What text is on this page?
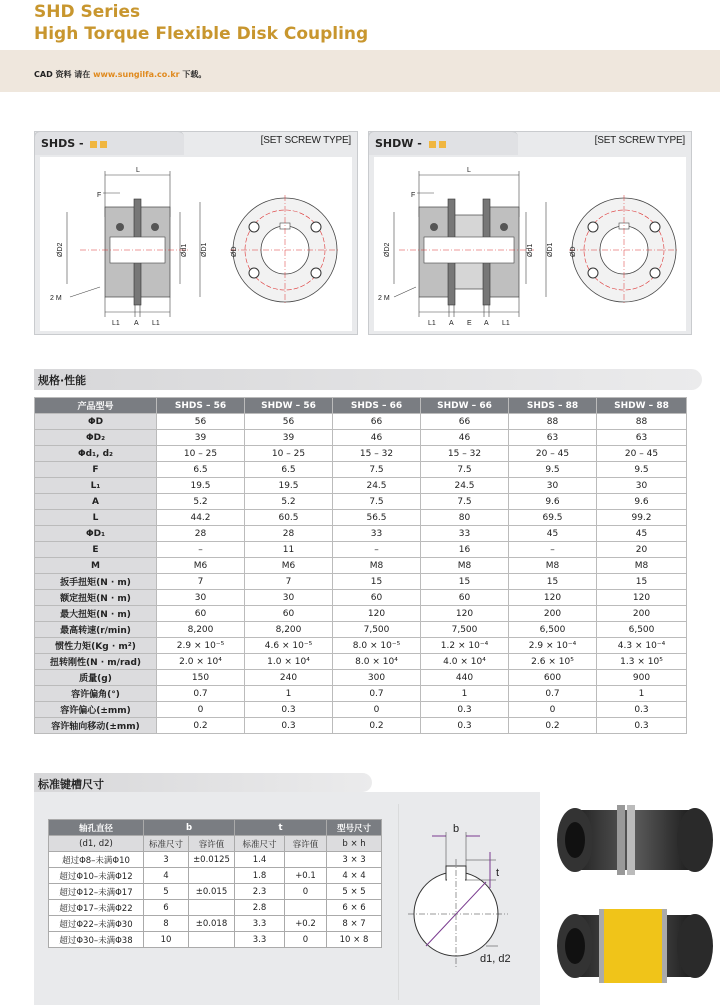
SHD Series
High Torque Flexible Disk Coupling
CAD 资料 请在 www.sungilfa.co.kr 下载。
SHDS -	[SET SCREW TYPE]
L
F
ØD2	Ød1 ØD1	ØD
2 M
L1 A L1
SHDW -	[SET SCREW TYPE]
L
F
ØD2	Ød1 ØD1 ØD
2 M
L1 A E A L1
规格·性能
产品型号	SHDS – 56	SHDW – 56	SHDS – 66	SHDW – 66	SHDS – 88	SHDW – 88
ΦD	56	56	66	66	88	88
ΦD₂	39	39	46	46	63	63
Φd₁, d₂	10 – 25	10 – 25	15 – 32	15 – 32	20 – 45	20 – 45
F	6.5	6.5	7.5	7.5	9.5	9.5
L₁	19.5	19.5	24.5	24.5	30	30
A	5.2	5.2	7.5	7.5	9.6	9.6
L	44.2	60.5	56.5	80	69.5	99.2
ΦD₁	28	28	33	33	45	45
E	–	11	–	16	–	20
M	M6	M6	M8	M8	M8	M8
扳手扭矩(N · m)	7	7	15	15	15	15
额定扭矩(N · m)	30	30	60	60	120	120
最大扭矩(N · m)	60	60	120	120	200	200
最高转速(r/min)	8,200	8,200	7,500	7,500	6,500	6,500
惯性力矩(Kg · m²)	2.9 × 10⁻⁵	4.6 × 10⁻⁵	8.0 × 10⁻⁵	1.2 × 10⁻⁴	2.9 × 10⁻⁴	4.3 × 10⁻⁴
扭转刚性(N · m/rad)	2.0 × 10⁴	1.0 × 10⁴	8.0 × 10⁴	4.0 × 10⁴	2.6 × 10⁵	1.3 × 10⁵
质量(g)	150	240	300	440	600	900
容许偏角(°)	0.7	1	0.7	1	0.7	1
容许偏心(±mm)	0	0.3	0	0.3	0	0.3
容许轴向移动(±mm)	0.2	0.3	0.2	0.3	0.2	0.3
标准键槽尺寸
轴孔直径	b		t		型号尺寸
(d1, d2)	标准尺寸	容许值	标准尺寸	容许值	b × h
超过Φ8–未满Φ10	3	±0.0125	1.4		3 × 3
超过Φ10–未满Φ12	4		1.8	+0.1	4 × 4
超过Φ12–未满Φ17	5	±0.015	2.3	0	5 × 5
超过Φ17–未满Φ22	6		2.8		6 × 6
超过Φ22–未满Φ30	8	±0.018	3.3	+0.2	8 × 7
超过Φ30–未满Φ38	10		3.3	0	10 × 8
b
t
d1, d2
